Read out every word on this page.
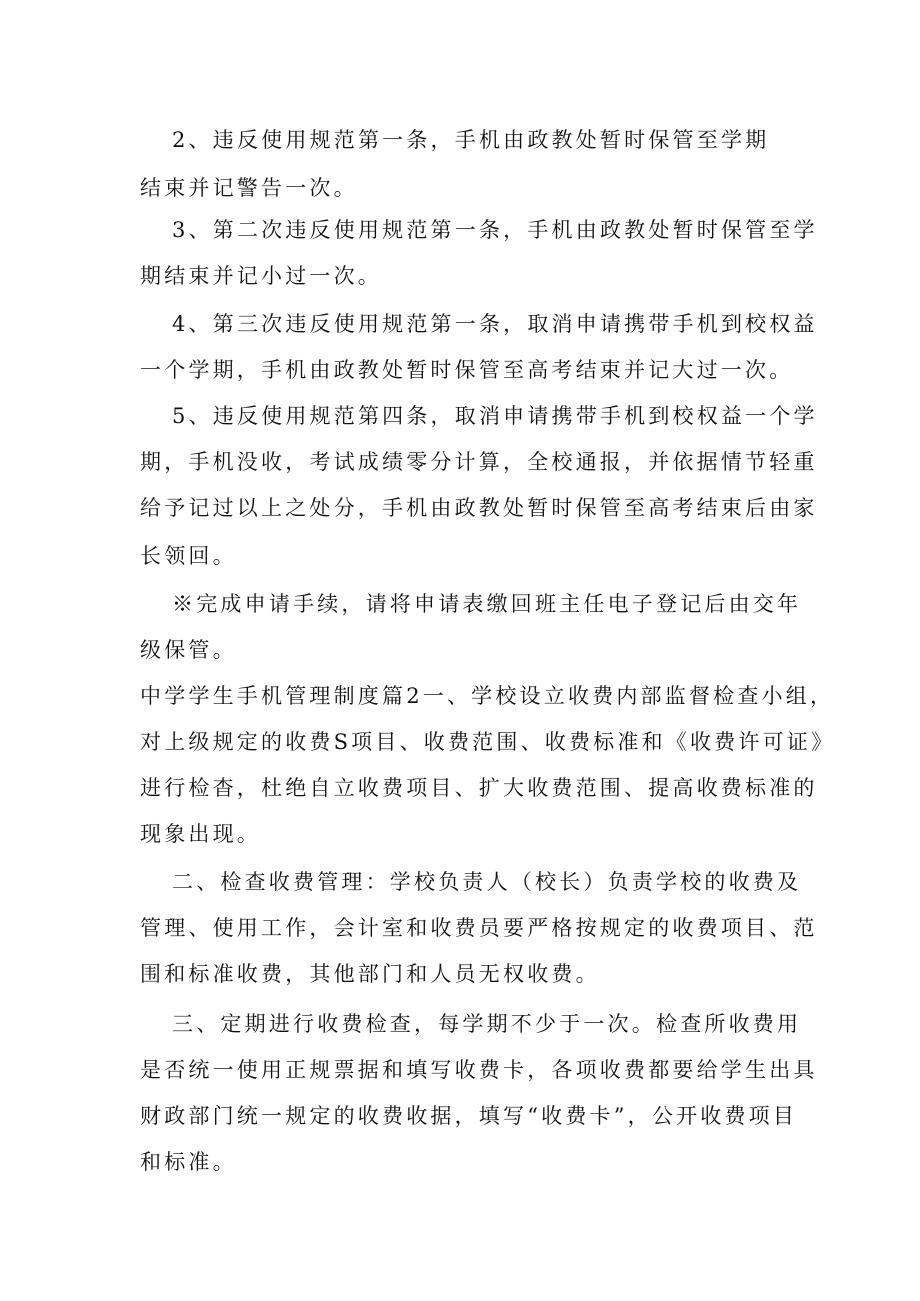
2、违反使用规范第一条，手机由政教处暂时保管至学期
结束并记警告一次。
3、第二次违反使用规范第一条，手机由政教处暂时保管至学
期结束并记小过一次。
4、第三次违反使用规范第一条，取消申请携带手机到校权益
一个学期，手机由政教处暂时保管至高考结束并记大过一次。
5、违反使用规范第四条，取消申请携带手机到校权益一个学
期，手机没收，考试成绩零分计算，全校通报，并依据情节轻重
给予记过以上之处分，手机由政教处暂时保管至高考结束后由家
长领回。
※完成申请手续，请将申请表缴回班主任电子登记后由交年
级保管。
中学学生手机管理制度篇2一、学校设立收费内部监督检查小组，
对上级规定的收费S项目、收费范围、收费标准和《收费许可证》
进行检杳，杜绝自立收费项目、扩大收费范围、提高收费标准的
现象出现。
二、检查收费管理：学校负责人（校长）负责学校的收费及
管理、使用工作，会计室和收费员要严格按规定的收费项目、范
围和标准收费，其他部门和人员无权收费。
三、定期进行收费检查，每学期不少于一次。检查所收费用
是否统一使用正规票据和填写收费卡，各项收费都要给学生出具
财政部门统一规定的收费收据，填写“收费卡”，公开收费项目
和标准。
